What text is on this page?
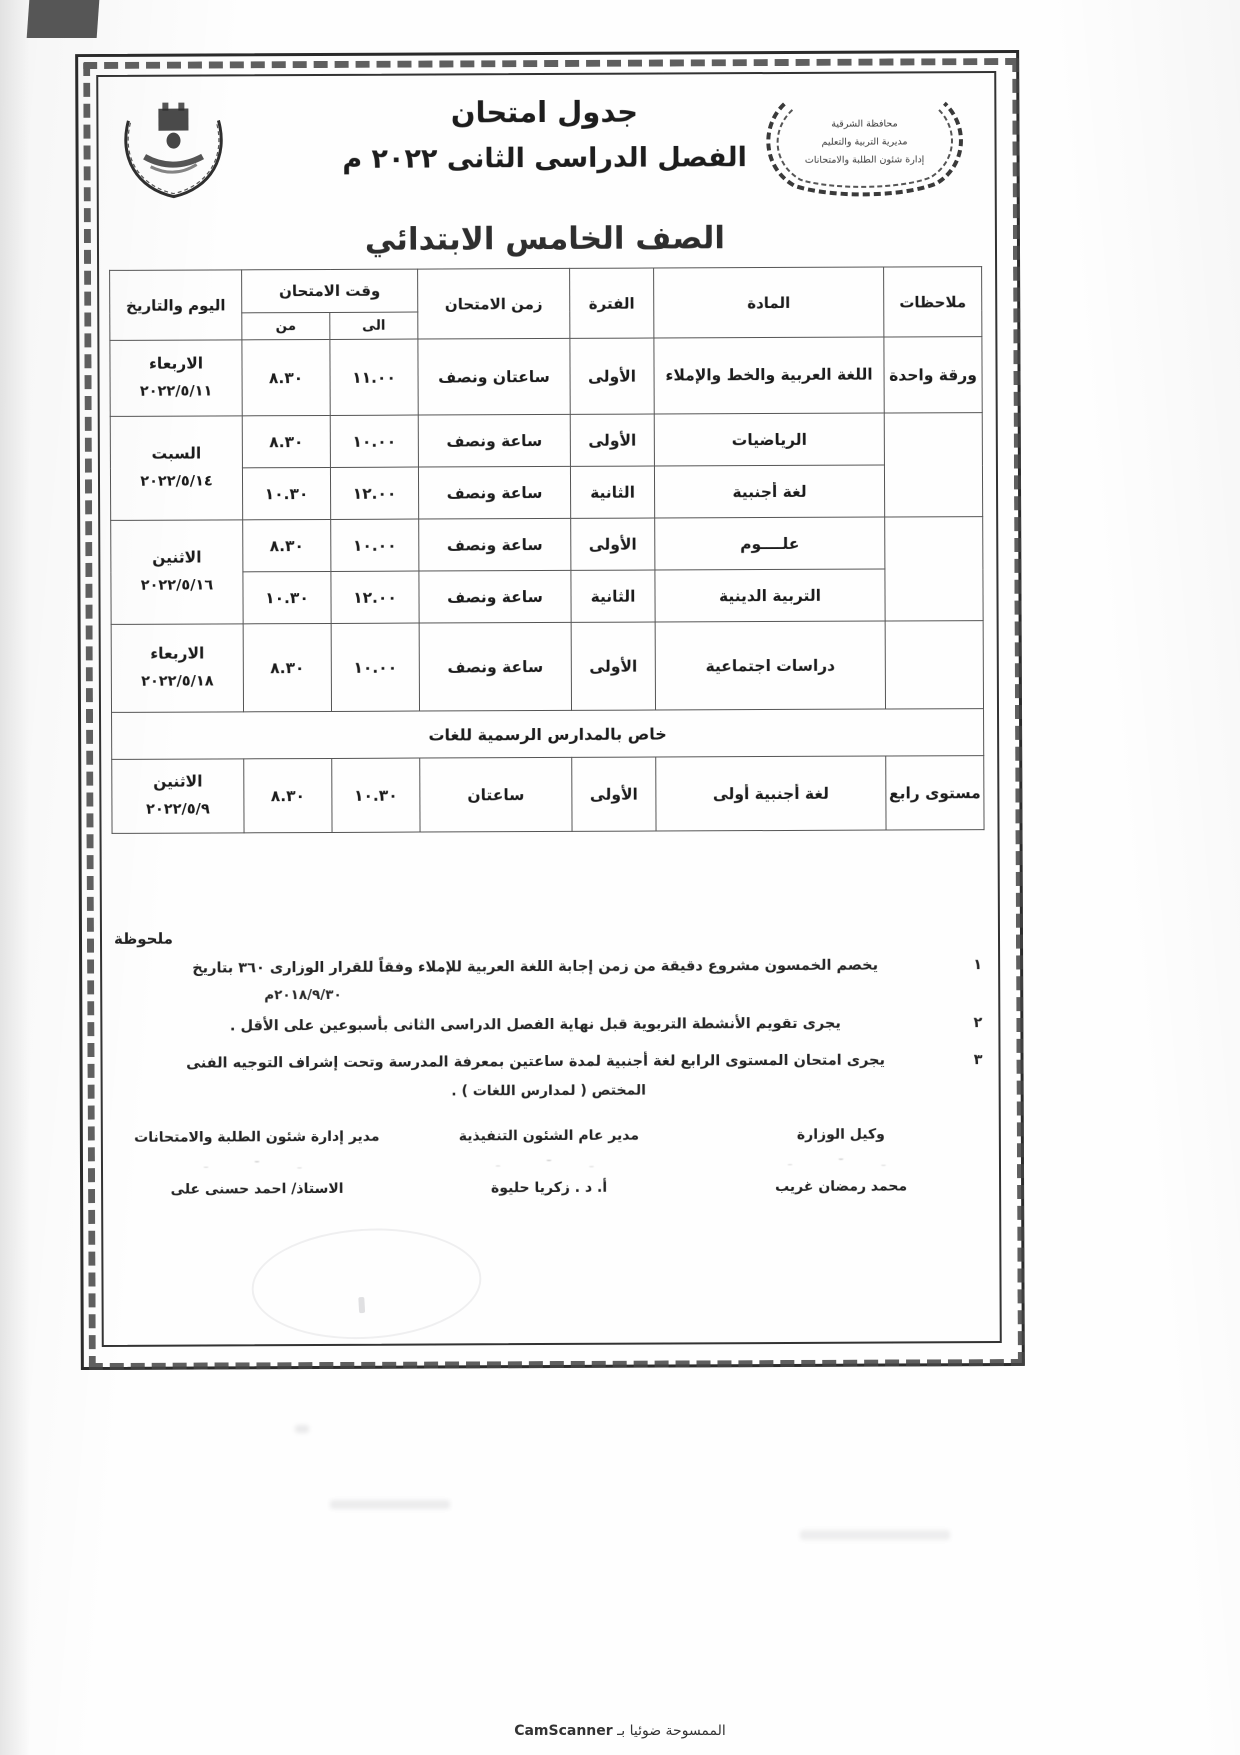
محافظة الشرقية
مديرية التربية والتعليم
إدارة شئون الطلبة والامتحانات
جدول امتحان
الفصل الدراسى الثانى ٢٠٢٢ م
الصف الخامس الابتدائي
ملاحظات	المادة	الفترة	زمن الامتحان	وقت الامتحان		اليوم والتاريخ
				الى	من	
ورقة واحدة	اللغة العربية والخط والإملاء	الأولى	ساعتان ونصف	١١.٠٠	٨.٣٠	الاربعاء
٢٠٢٢/٥/١١

	الرياضيات	الأولى	ساعة ونصف	١٠.٠٠	٨.٣٠	السبت
٢٠٢٢/٥/١٤

	لغة أجنبية	الثانية	ساعة ونصف	١٢.٠٠	١٠.٣٠	
	علــــوم	الأولى	ساعة ونصف	١٠.٠٠	٨.٣٠	الاثنين
٢٠٢٢/٥/١٦

	التربية الدينية	الثانية	ساعة ونصف	١٢.٠٠	١٠.٣٠	
	دراسات اجتماعية	الأولى	ساعة ونصف	١٠.٠٠	٨.٣٠	الاربعاء
٢٠٢٢/٥/١٨

خاص بالمدارس الرسمية للغات						
مستوى رابع	لغة أجنبية أولى	الأولى	ساعتان	١٠.٣٠	٨.٣٠	الاثنين
٢٠٢٢/٥/٩
ملحوظة
١
يخصم الخمسون مشروع دقيقة من زمن إجابة اللغة العربية للإملاء وفقاً للقرار الوزارى ٣٦٠ بتاريخ
٢٠١٨/٩/٣٠م
٢
يجرى تقويم الأنشطة التربوية قبل نهاية الفصل الدراسى الثانى بأسبوعين على الأقل .
٣
يجرى امتحان المستوى الرابع لغة أجنبية لمدة ساعتين بمعرفة المدرسة وتحت إشراف التوجيه الفنى
المختص ( لمدارس اللغات ) .
وكيل الوزارة
محمد رمضان غريب
مدير عام الشئون التنفيذية
أ. د . زكريا حليوة
مدير إدارة شئون الطلبة والامتحانات
الاستاذ/ احمد حسنى على
الممسوحة ضوئيا بـ CamScanner
